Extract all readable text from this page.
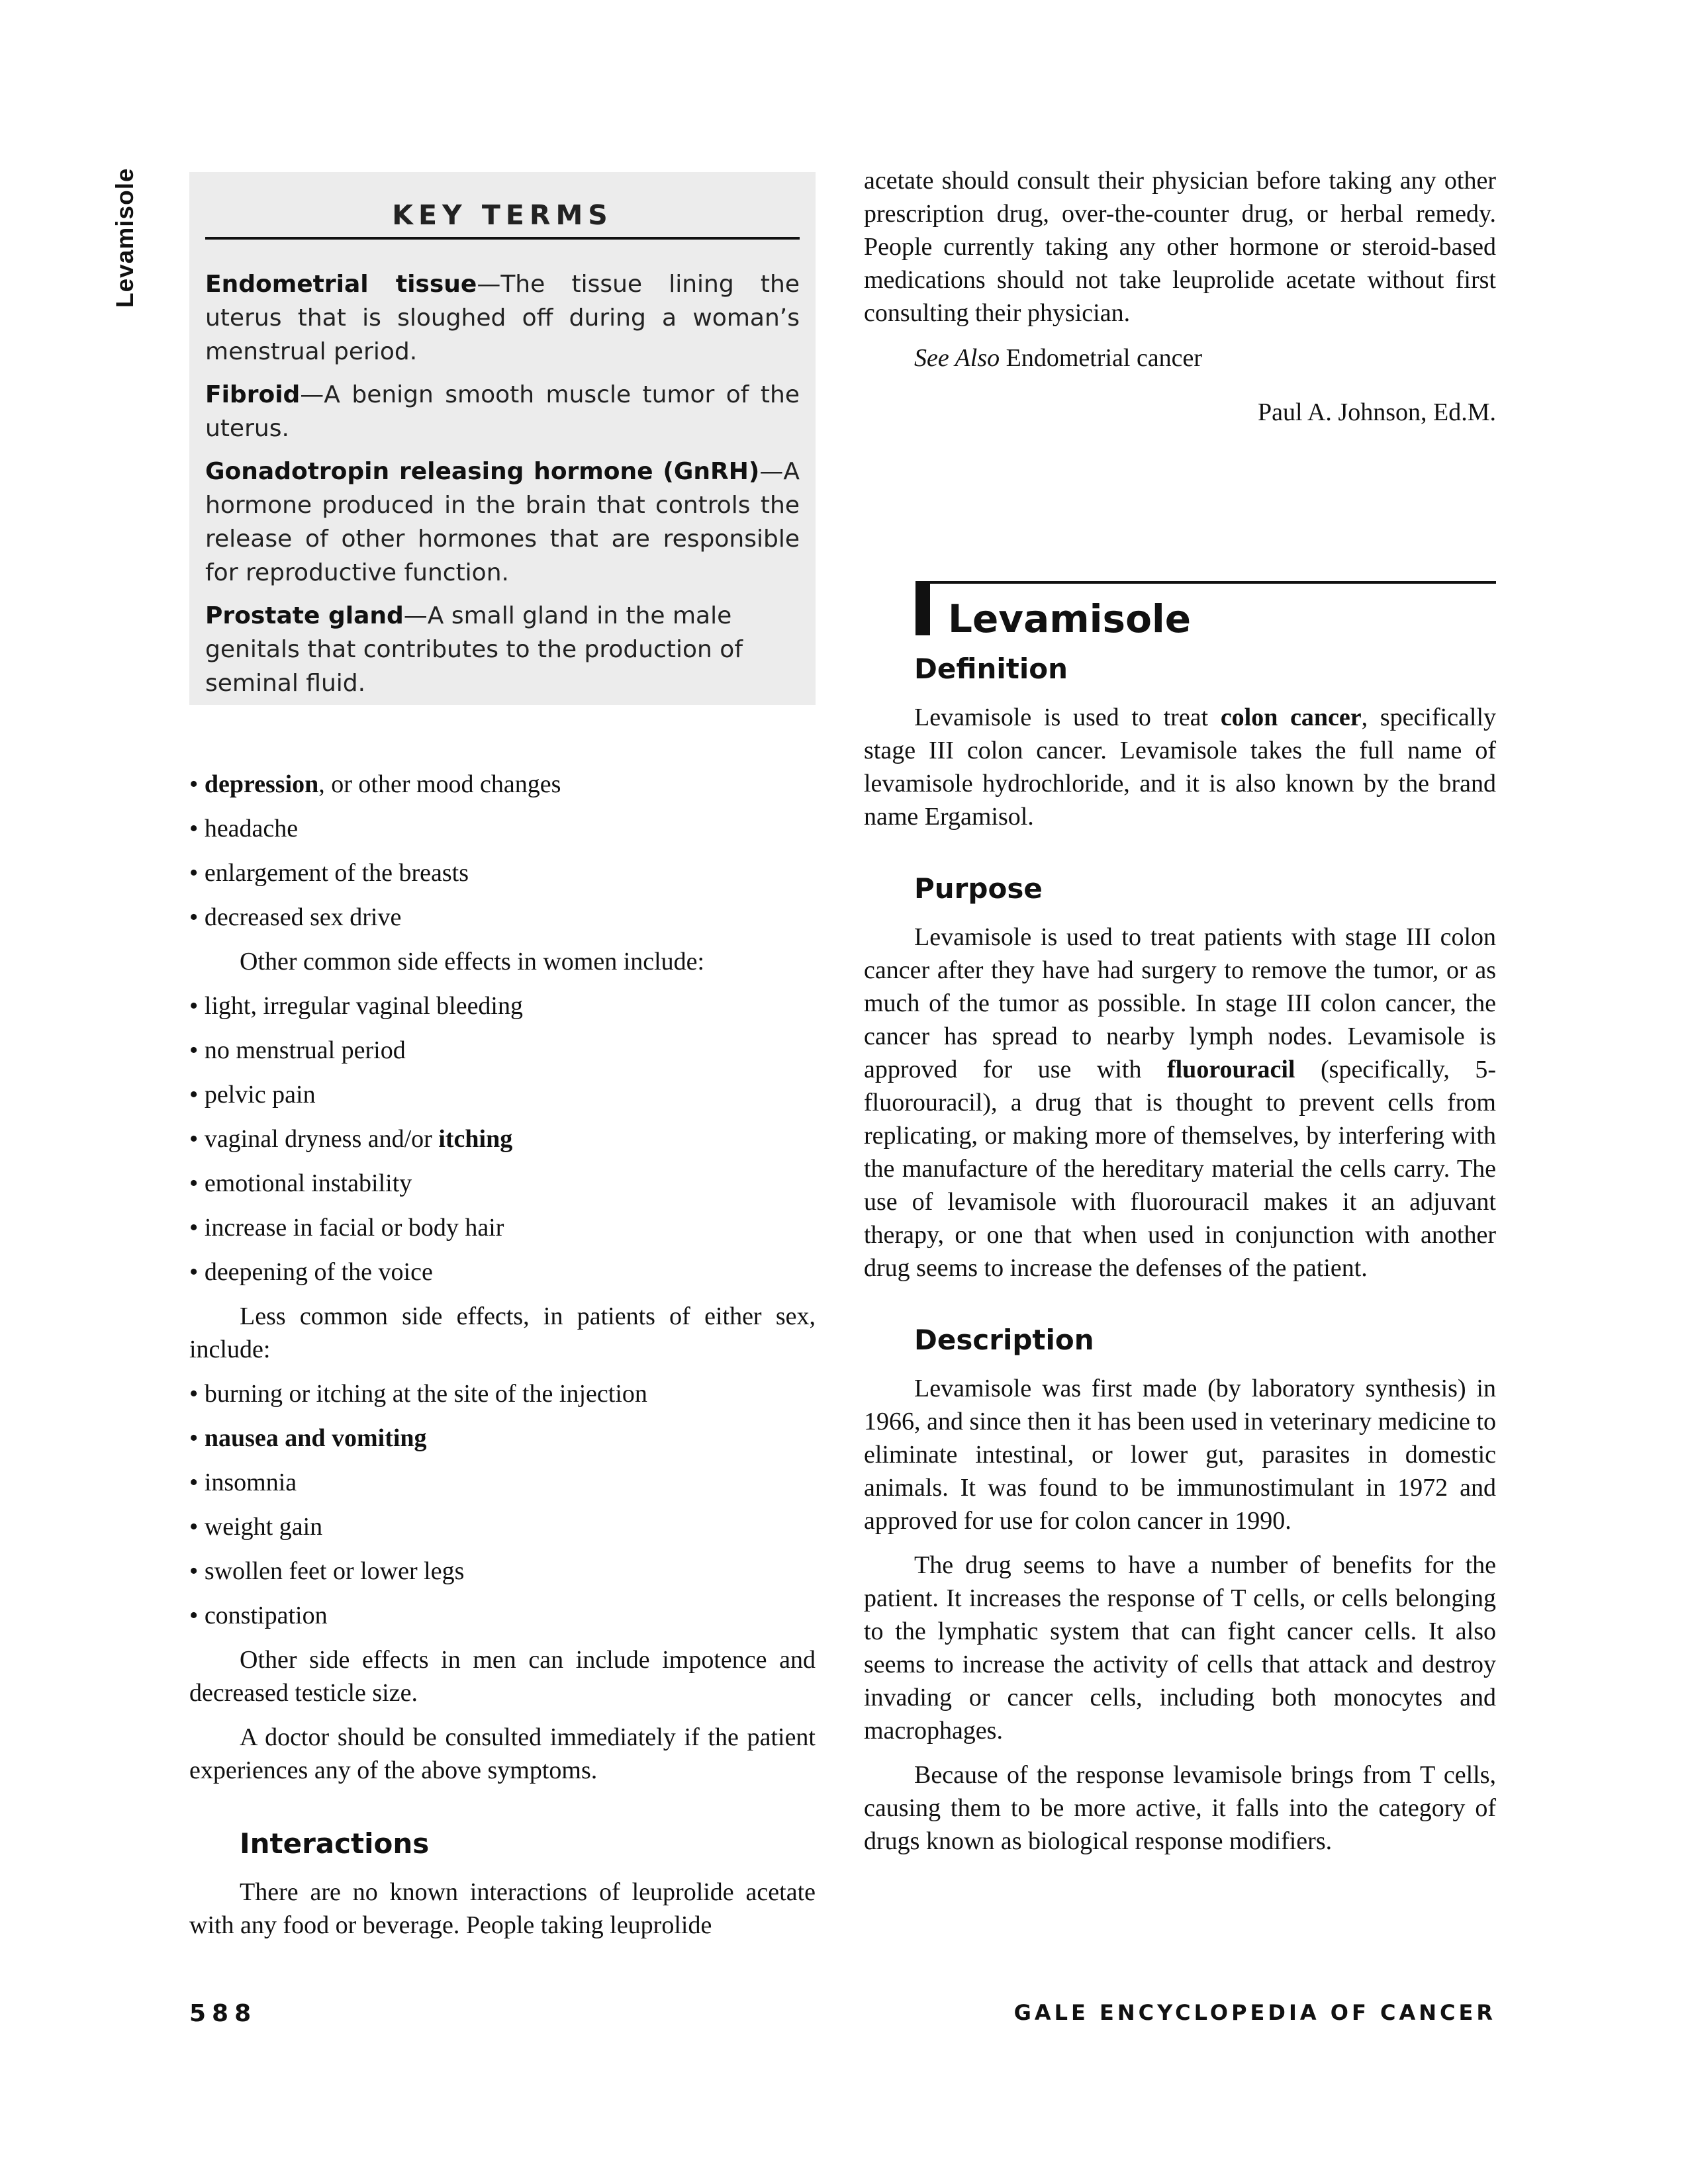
Levamisole	KEY TERMS

Endometrial tissue—The tissue lining the uterus that is sloughed off during a woman’s menstrual period.

Fibroid—A benign smooth muscle tumor of the uterus.

Gonadotropin releasing hormone (GnRH)—A hormone produced in the brain that controls the release of other hormones that are responsible for reproductive function.

Prostate gland—A small gland in the male genitals that contributes to the production of seminal fluid.

• depression, or other mood changes
• headache
• enlargement of the breasts
• decreased sex drive
Other common side effects in women include:
• light, irregular vaginal bleeding
• no menstrual period
• pelvic pain
• vaginal dryness and/or itching
• emotional instability
• increase in facial or body hair
• deepening of the voice

Less common side effects, in patients of either sex, include:

• burning or itching at the site of the injection
• nausea and vomiting
• insomnia
• weight gain
• swollen feet or lower legs
• constipation

Other side effects in men can include impotence and decreased testicle size.

A doctor should be consulted immediately if the patient experiences any of the above symptoms.

Interactions

There are no known interactions of leuprolide acetate with any food or beverage. People taking leuprolide

acetate should consult their physician before taking any other prescription drug, over-the-counter drug, or herbal remedy. People currently taking any other hormone or steroid-based medications should not take leuprolide acetate without first consulting their physician.

See Also Endometrial cancer

Paul A. Johnson, Ed.M.

Levamisole
Definition

Levamisole is used to treat colon cancer, specifically stage III colon cancer. Levamisole takes the full name of levamisole hydrochloride, and it is also known by the brand name Ergamisol.

Purpose

Levamisole is used to treat patients with stage III colon cancer after they have had surgery to remove the tumor, or as much of the tumor as possible. In stage III colon cancer, the cancer has spread to nearby lymph nodes. Levamisole is approved for use with fluorouracil (specifically, 5-fluorouracil), a drug that is thought to prevent cells from replicating, or making more of themselves, by interfering with the manufacture of the hereditary material the cells carry. The use of levamisole with fluorouracil makes it an adjuvant therapy, or one that when used in conjunction with another drug seems to increase the defenses of the patient.

Description

Levamisole was first made (by laboratory synthesis) in 1966, and since then it has been used in veterinary medicine to eliminate intestinal, or lower gut, parasites in domestic animals. It was found to be immunostimulant in 1972 and approved for use for colon cancer in 1990.

The drug seems to have a number of benefits for the patient. It increases the response of T cells, or cells belonging to the lymphatic system that can fight cancer cells. It also seems to increase the activity of cells that attack and destroy invading or cancer cells, including both monocytes and macrophages.

Because of the response levamisole brings from T cells, causing them to be more active, it falls into the category of drugs known as biological response modifiers.

588	GALE ENCYCLOPEDIA OF CANCER
